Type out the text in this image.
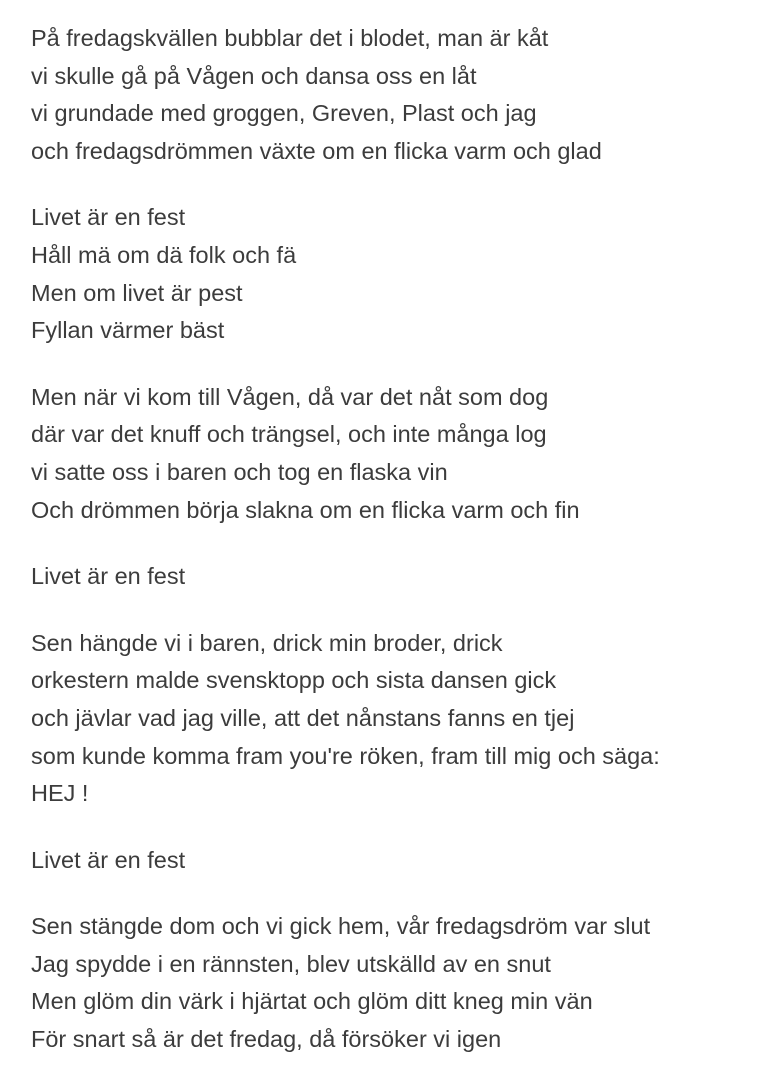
På fredagskvällen bubblar det i blodet, man är kåt
vi skulle gå på Vågen och dansa oss en låt
vi grundade med groggen, Greven, Plast och jag
och fredagsdrömmen växte om en flicka varm och glad
Livet är en fest
Håll mä om dä folk och fä
Men om livet är pest
Fyllan värmer bäst
Men när vi kom till Vågen, då var det nåt som dog
där var det knuff och trängsel, och inte många log
vi satte oss i baren och tog en flaska vin
Och drömmen börja slakna om en flicka varm och fin
Livet är en fest
Sen hängde vi i baren, drick min broder, drick
orkestern malde svensktopp och sista dansen gick
och jävlar vad jag ville, att det nånstans fanns en tjej
som kunde komma fram you're röken, fram till mig och säga:
HEJ !
Livet är en fest
Sen stängde dom och vi gick hem, vår fredagsdröm var slut
Jag spydde i en rännsten, blev utskälld av en snut
Men glöm din värk i hjärtat och glöm ditt kneg min vän
För snart så är det fredag, då försöker vi igen
